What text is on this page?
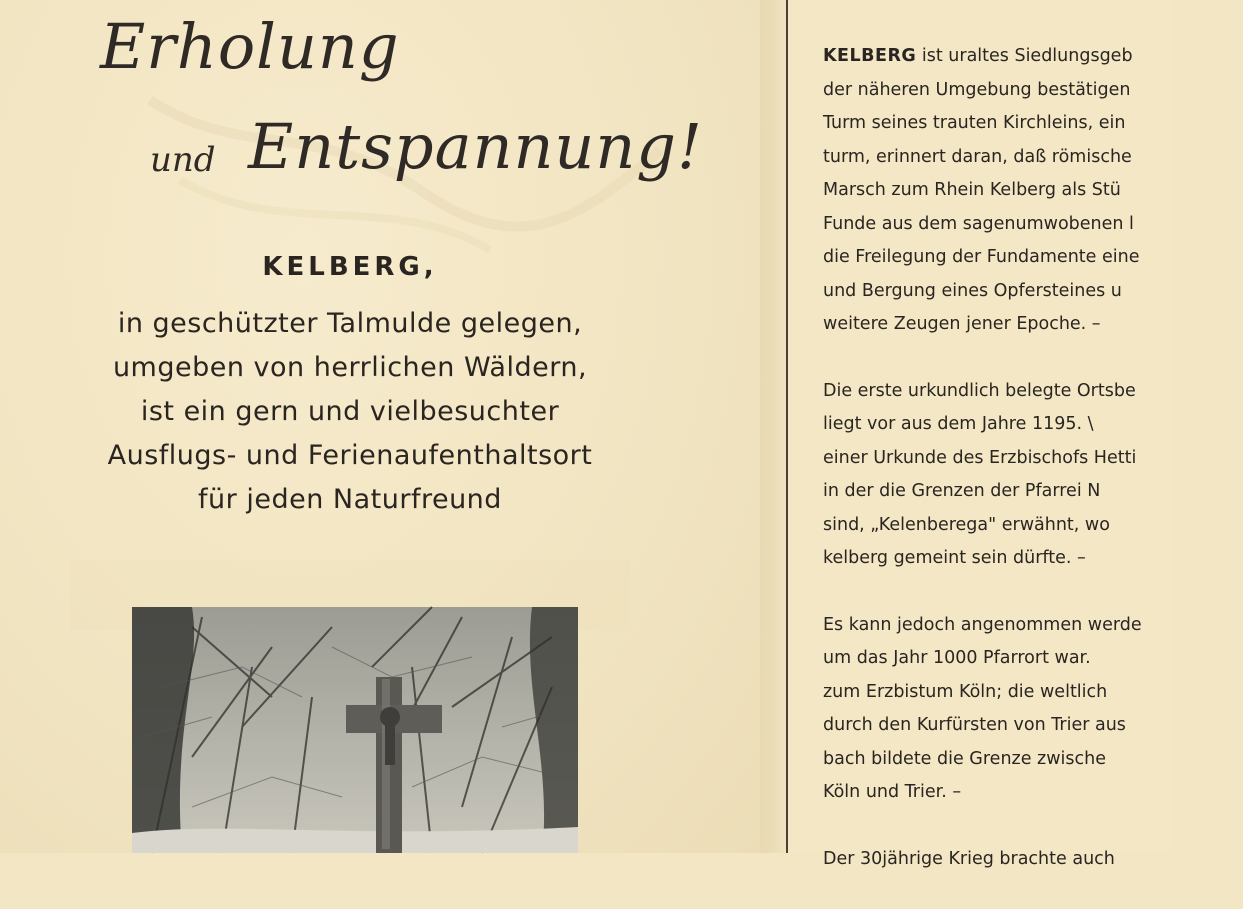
Erholung
und Entspannung!
KELBERG,
in geschützter Talmulde gelegen,
umgeben von herrlichen Wäldern,
ist ein gern und vielbesuchter
Ausflugs- und Ferienaufenthaltsort
für jeden Naturfreund
KELBERG ist uraltes Siedlungsgeb
der näheren Umgebung bestätigen
Turm seines trauten Kirchleins, ein
turm, erinnert daran, daß römische
Marsch zum Rhein Kelberg als Stü
Funde aus dem sagenumwobenen l
die Freilegung der Fundamente eine
und Bergung eines Opfersteines u
weitere Zeugen jener Epoche. –
Die erste urkundlich belegte Ortsbe
liegt vor aus dem Jahre 1195. \
einer Urkunde des Erzbischofs Hetti
in der die Grenzen der Pfarrei N
sind, „Kelenberega" erwähnt, wo
kelberg gemeint sein dürfte. –
Es kann jedoch angenommen werde
um das Jahr 1000 Pfarrort war.
zum Erzbistum Köln; die weltlich
durch den Kurfürsten von Trier aus
bach bildete die Grenze zwische
Köln und Trier. –
Der 30jährige Krieg brachte auch
